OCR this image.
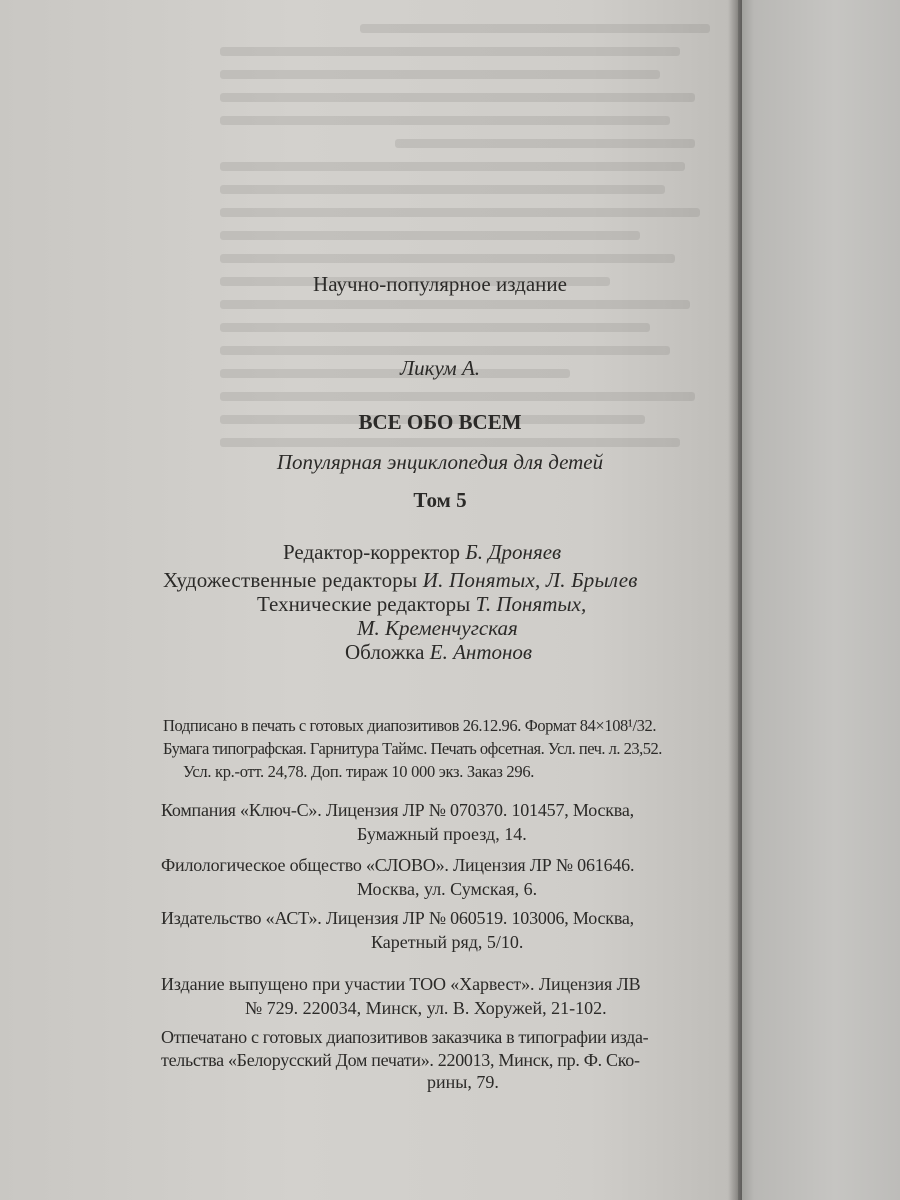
Научно-популярное издание
Ликум А.
ВСЕ ОБО ВСЕМ
Популярная энциклопедия для детей
Том 5
Редактор-корректор Б. Дроняев
Художественные редакторы И. Понятых, Л. Брылев
Технические редакторы Т. Понятых,
М. Кременчугская
Обложка Е. Антонов
Подписано в печать с готовых диапозитивов 26.12.96. Формат 84×108¹/32.
Бумага типографская. Гарнитура Таймс. Печать офсетная. Усл. печ. л. 23,52.
Усл. кр.-отт. 24,78. Доп. тираж 10 000 экз. Заказ 296.
Компания «Ключ-С». Лицензия ЛР № 070370. 101457, Москва,
Бумажный проезд, 14.
Филологическое общество «СЛОВО». Лицензия ЛР № 061646.
Москва, ул. Сумская, 6.
Издательство «АСТ». Лицензия ЛР № 060519. 103006, Москва,
Каретный ряд, 5/10.
Издание выпущено при участии ТОО «Харвест». Лицензия ЛВ
№ 729. 220034, Минск, ул. В. Хоружей, 21-102.
Отпечатано с готовых диапозитивов заказчика в типографии изда-
тельства «Белорусский Дом печати». 220013, Минск, пр. Ф. Ско-
рины, 79.
